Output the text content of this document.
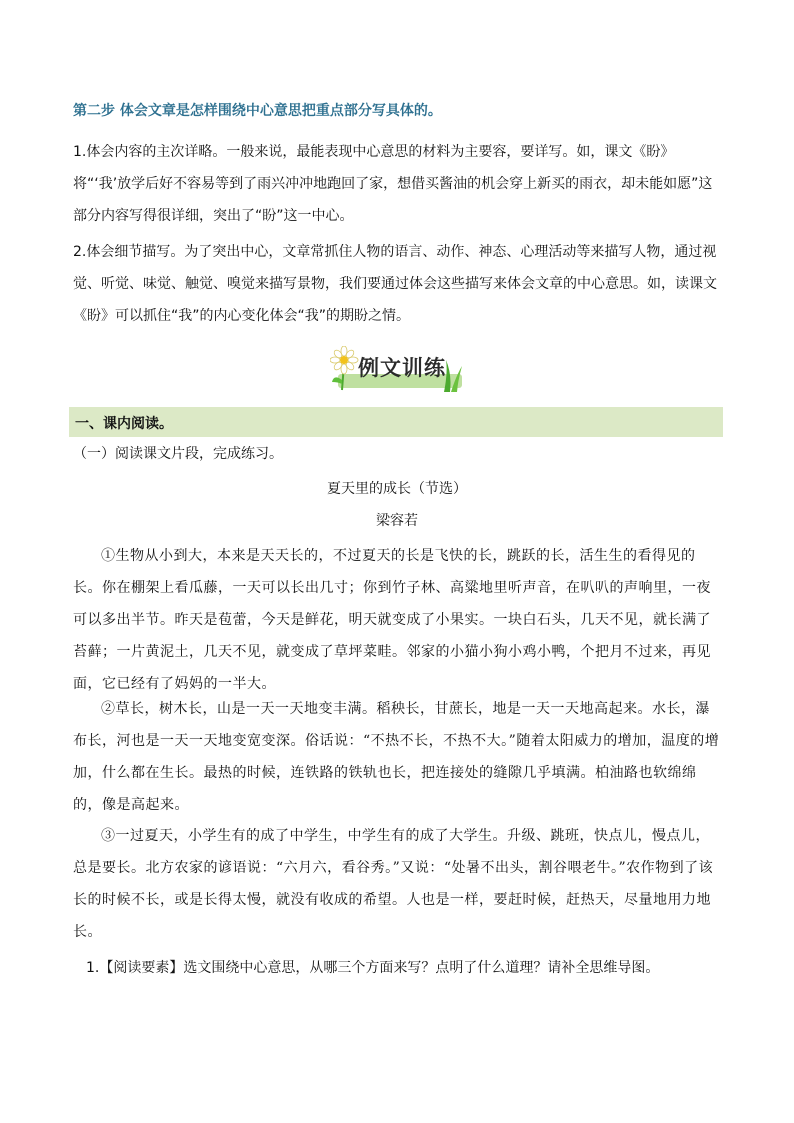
第二步 体会文章是怎样围绕中心意思把重点部分写具体的。
1.体会内容的主次详略。一般来说，最能表现中心意思的材料为主要容，要详写。如，课文《盼》将“‘我’放学后好不容易等到了雨兴冲冲地跑回了家，想借买酱油的机会穿上新买的雨衣，却未能如愿”这部分内容写得很详细，突出了“盼”这一中心。
2.体会细节描写。为了突出中心，文章常抓住人物的语言、动作、神态、心理活动等来描写人物，通过视觉、听觉、味觉、触觉、嗅觉来描写景物，我们要通过体会这些描写来体会文章的中心意思。如，读课文《盼》可以抓住“我”的内心变化体会“我”的期盼之情。
例文训练
一、课内阅读。
（一）阅读课文片段，完成练习。
夏天里的成长（节选）
梁容若
①生物从小到大，本来是天天长的，不过夏天的长是飞快的长，跳跃的长，活生生的看得见的长。你在棚架上看瓜藤，一天可以长出几寸；你到竹子林、高粱地里听声音，在叭叭的声响里，一夜可以多出半节。昨天是苞蕾，今天是鲜花，明天就变成了小果实。一块白石头，几天不见，就长满了苔藓；一片黄泥土，几天不见，就变成了草坪菜畦。邻家的小猫小狗小鸡小鸭，个把月不过来，再见面，它已经有了妈妈的一半大。
②草长，树木长，山是一天一天地变丰满。稻秧长，甘蔗长，地是一天一天地高起来。水长，瀑布长，河也是一天一天地变宽变深。俗话说：“不热不长，不热不大。”随着太阳威力的增加，温度的增加，什么都在生长。最热的时候，连铁路的铁轨也长，把连接处的缝隙几乎填满。柏油路也软绵绵的，像是高起来。
③一过夏天，小学生有的成了中学生，中学生有的成了大学生。升级、跳班，快点儿，慢点儿，总是要长。北方农家的谚语说：“六月六，看谷秀。”又说：“处暑不出头，割谷喂老牛。”农作物到了该长的时候不长，或是长得太慢，就没有收成的希望。人也是一样，要赶时候，赶热天，尽量地用力地长。
1.【阅读要素】选文围绕中心意思，从哪三个方面来写？点明了什么道理？请补全思维导图。
